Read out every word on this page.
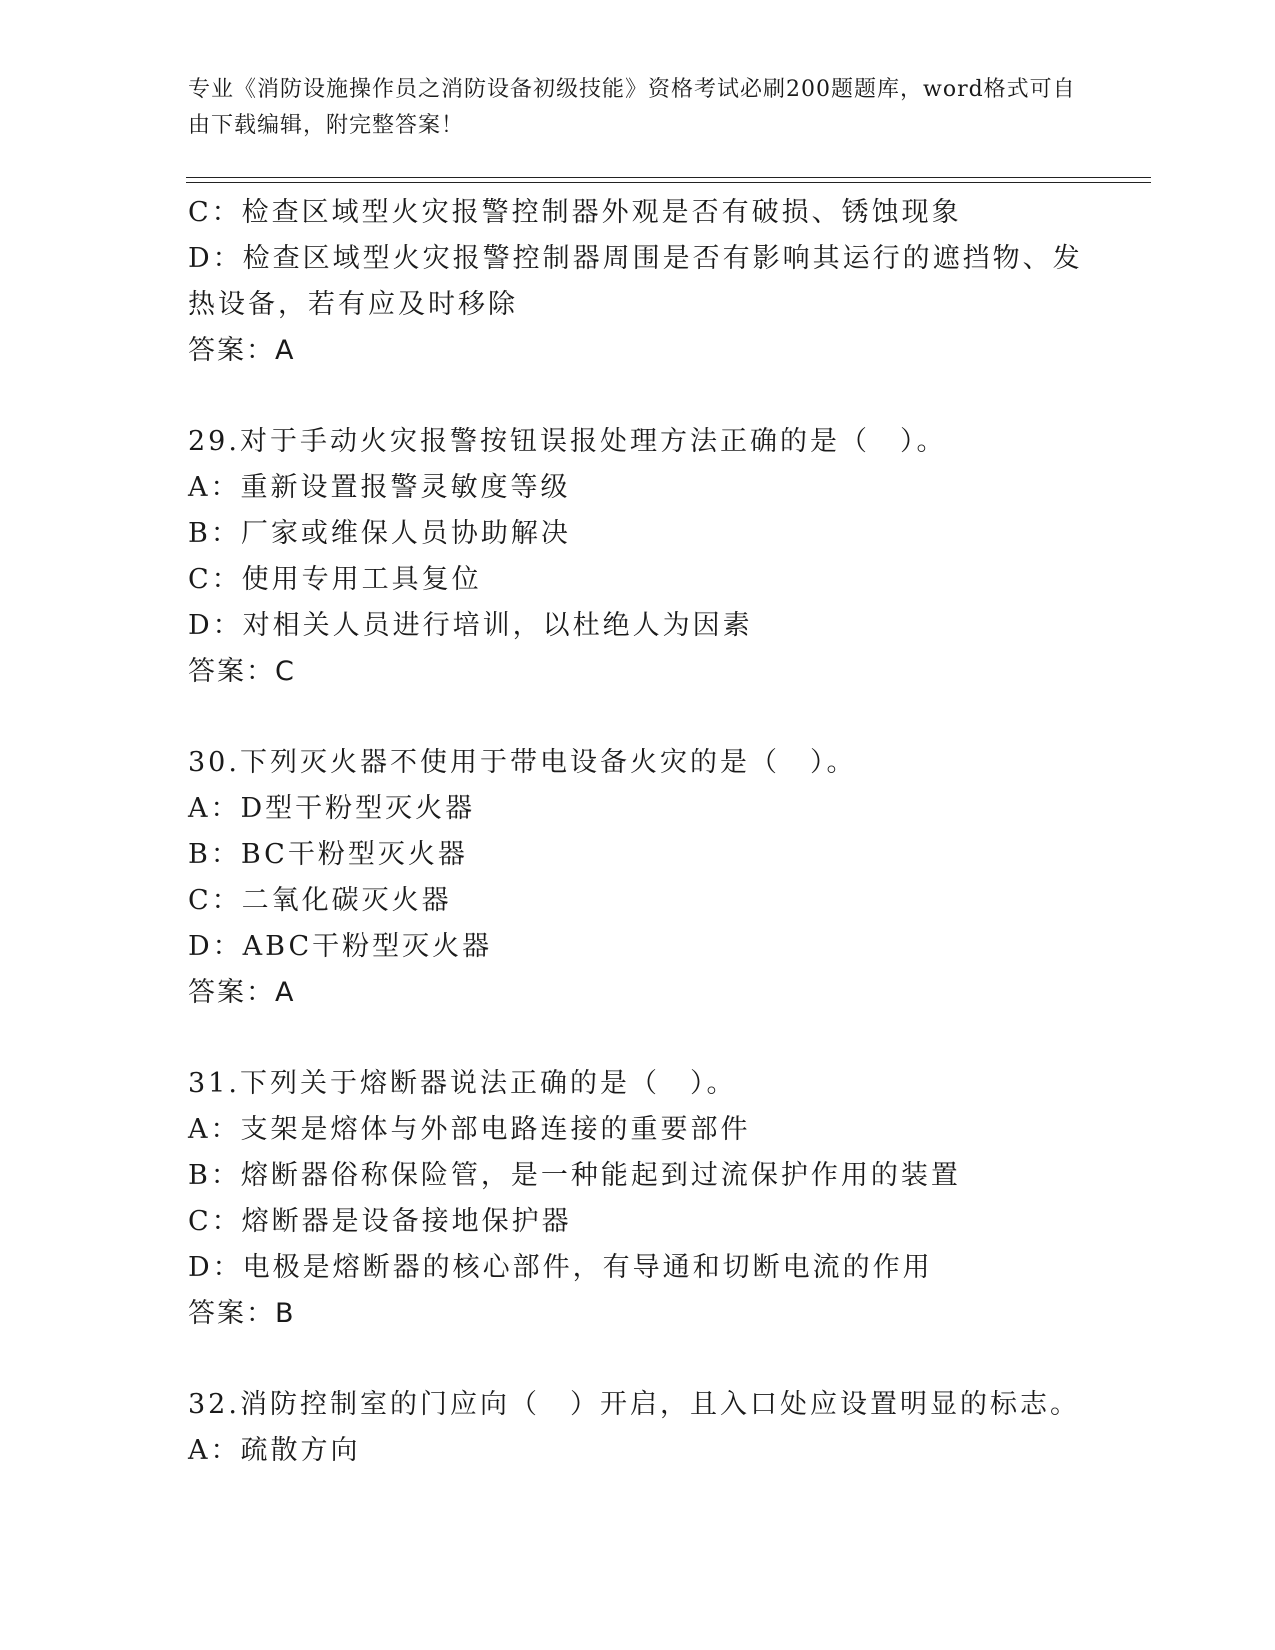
专业《消防设施操作员之消防设备初级技能》资格考试必刷200题题库，word格式可自由下载编辑，附完整答案！
C：检查区域型火灾报警控制器外观是否有破损、锈蚀现象
D：检查区域型火灾报警控制器周围是否有影响其运行的遮挡物、发热设备，若有应及时移除
答案：A
29.对于手动火灾报警按钮误报处理方法正确的是（　）。
A：重新设置报警灵敏度等级
B：厂家或维保人员协助解决
C：使用专用工具复位
D：对相关人员进行培训，以杜绝人为因素
答案：C
30.下列灭火器不使用于带电设备火灾的是（　）。
A：D型干粉型灭火器
B：BC干粉型灭火器
C：二氧化碳灭火器
D：ABC干粉型灭火器
答案：A
31.下列关于熔断器说法正确的是（　）。
A：支架是熔体与外部电路连接的重要部件
B：熔断器俗称保险管，是一种能起到过流保护作用的装置
C：熔断器是设备接地保护器
D：电极是熔断器的核心部件，有导通和切断电流的作用
答案：B
32.消防控制室的门应向（　）开启，且入口处应设置明显的标志。
A：疏散方向
